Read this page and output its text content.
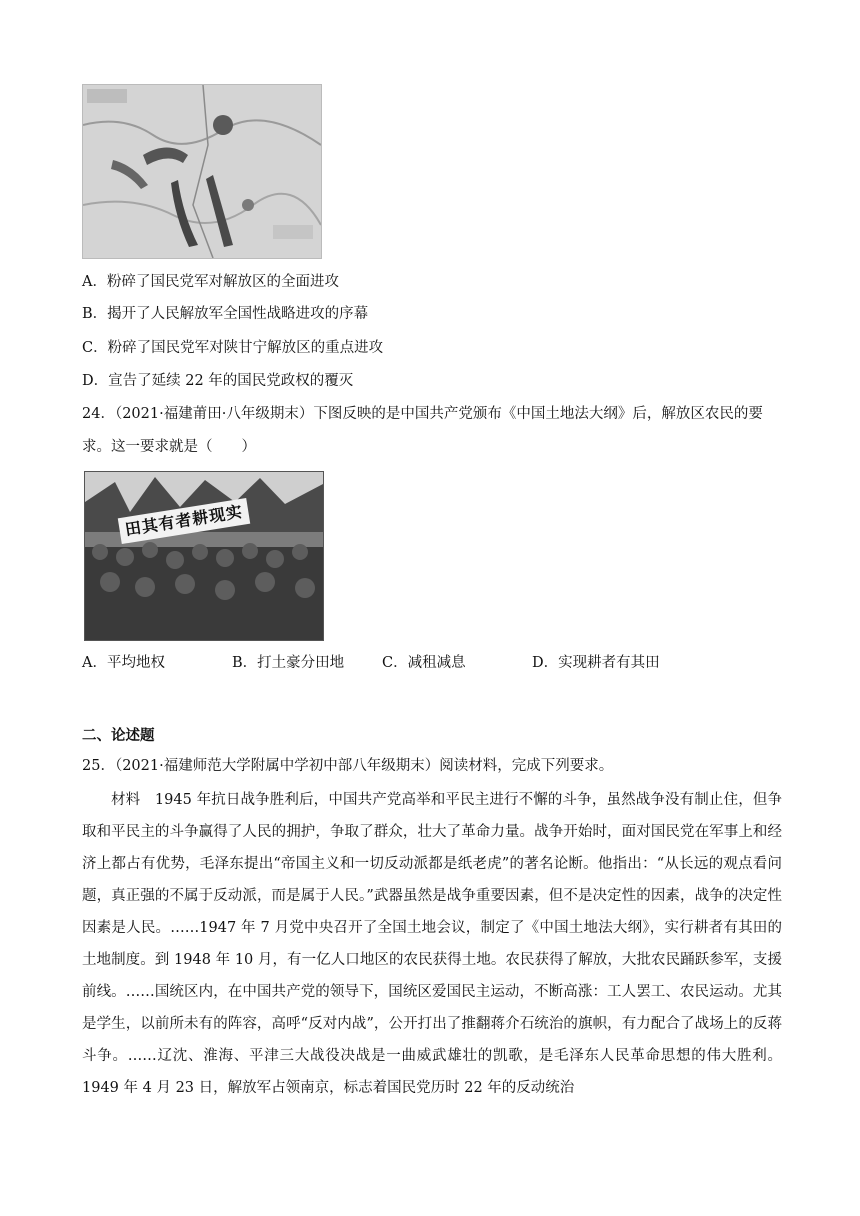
A．粉碎了国民党军对解放区的全面进攻
B．揭开了人民解放军全国性战略进攻的序幕
C．粉碎了国民党军对陕甘宁解放区的重点进攻
D．宣告了延续 22 年的国民党政权的覆灭
24．（2021·福建莆田·八年级期末）下图反映的是中国共产党颁布《中国土地法大纲》后，解放区农民的要
求。这一要求就是（　　）
田其有者耕现实
A．平均地权	B．打土豪分田地	C．减租减息	D．实现耕者有其田
二、论述题
25．（2021·福建师范大学附属中学初中部八年级期末）阅读材料，完成下列要求。
材料　1945 年抗日战争胜利后，中国共产党高举和平民主进行不懈的斗争，虽然战争没有制止住，但争取和平民主的斗争赢得了人民的拥护，争取了群众，壮大了革命力量。战争开始时，面对国民党在军事上和经济上都占有优势，毛泽东提出“帝国主义和一切反动派都是纸老虎”的著名论断。他指出：“从长远的观点看问题，真正强的不属于反动派，而是属于人民。”武器虽然是战争重要因素，但不是决定性的因素，战争的决定性因素是人民。……1947 年 7 月党中央召开了全国土地会议，制定了《中国土地法大纲》，实行耕者有其田的土地制度。到 1948 年 10 月，有一亿人口地区的农民获得土地。农民获得了解放，大批农民踊跃参军，支援前线。……国统区内，在中国共产党的领导下，国统区爱国民主运动，不断高涨：工人罢工、农民运动。尤其是学生，以前所未有的阵容，高呼“反对内战”，公开打出了推翻蒋介石统治的旗帜，有力配合了战场上的反蒋斗争。……辽沈、淮海、平津三大战役决战是一曲威武雄壮的凯歌，是毛泽东人民革命思想的伟大胜利。1949 年 4 月 23 日，解放军占领南京，标志着国民党历时 22 年的反动统治
